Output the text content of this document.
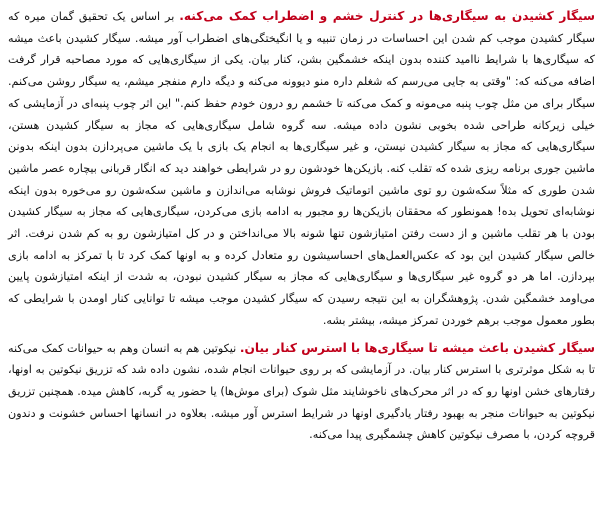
سیگار کشیدن به سیگاری‌ها در کنترل خشم و اضطراب کمک می‌کنه. بر اساس یک تحقیق گمان میره که سیگار کشیدن موجب کم شدن این احساسات در زمان تنبیه و یا انگیختگی‌های اضطراب آور میشه. سیگار کشیدن باعث میشه که سیگاری‌ها با شرایط ناامید کننده بدون اینکه خشمگین بشن، کنار بیان. یکی از سیگاری‌هایی که مورد مصاحبه قرار گرفت اضافه می‌کنه که: "وقتی به جایی می‌رسم که شغلم داره منو دیوونه می‌کنه و دیگه دارم منفجر میشم، یه سیگار روشن می‌کنم. سیگار برای من مثل چوب پنبه می‌مونه و کمک می‌کنه تا خشمم رو درون خودم حفظ کنم." این اثر چوب پنبه‌ای در آزمایشی که خیلی زیرکانه طراحی شده بخوبی نشون داده میشه. سه گروه شامل سیگاری‌هایی که مجاز به سیگار کشیدن هستن، سیگاری‌هایی که مجاز به سیگار کشیدن نیستن، و غیر سیگاری‌ها به انجام یک بازی با یک ماشین می‌پردازن بدون اینکه بدونن ماشین جوری برنامه ریزی شده که تقلب کنه. بازیکن‌ها خودشون رو در شرایطی خواهند دید که انگار قربانی بیچاره عصر ماشین شدن طوری که مثلاً سکه‌شون رو توی ماشین اتوماتیک فروش نوشابه می‌اندازن و ماشین سکه‌شون رو می‌خوره بدون اینکه نوشابه‌ای تحویل بده! همونطور که محققان بازیکن‌ها رو مجبور به ادامه بازی می‌کردن، سیگاری‌هایی که مجاز به سیگار کشیدن بودن با هر تقلب ماشین و از دست رفتن امتیازشون تنها شونه بالا می‌انداختن و در کل امتیازشون رو به کم شدن نرفت. اثر خالص سیگار کشیدن این بود که عکس‌العمل‌های احساسیشون رو متعادل کرده و به اونها کمک کرد تا با تمرکز به ادامه بازی بپردازن. اما هر دو گروه غیر سیگاری‌ها و سیگاری‌هایی که مجاز به سیگار کشیدن نبودن، به شدت از اینکه امتیازشون پایین می‌اومد خشمگین شدن. پژوهشگران به این نتیجه رسیدن که سیگار کشیدن موجب میشه تا توانایی کنار اومدن با شرایطی که بطور معمول موجب برهم خوردن تمرکز میشه، بیشتر بشه.

سیگار کشیدن باعث میشه تا سیگاری‌ها با استرس کنار بیان. نیکوتین هم به انسان وهم به حیوانات کمک می‌کنه تا به شکل موثرتری با استرس کنار بیان. در آزمایشی که بر روی حیوانات انجام شده، نشون داده شد که تزریق نیکوتین به اونها، رفتارهای خشن اونها رو که در اثر محرک‌های ناخوشایند مثل شوک (برای موش‌ها) یا حضور یه گربه، کاهش میده. همچنین تزریق نیکوتین به حیوانات منجر به بهبود رفتار یادگیری اونها در شرایط استرس آور میشه. بعلاوه در انسانها احساس خشونت و دندون قروچه کردن، با مصرف نیکوتین کاهش چشمگیری پیدا می‌کنه.
